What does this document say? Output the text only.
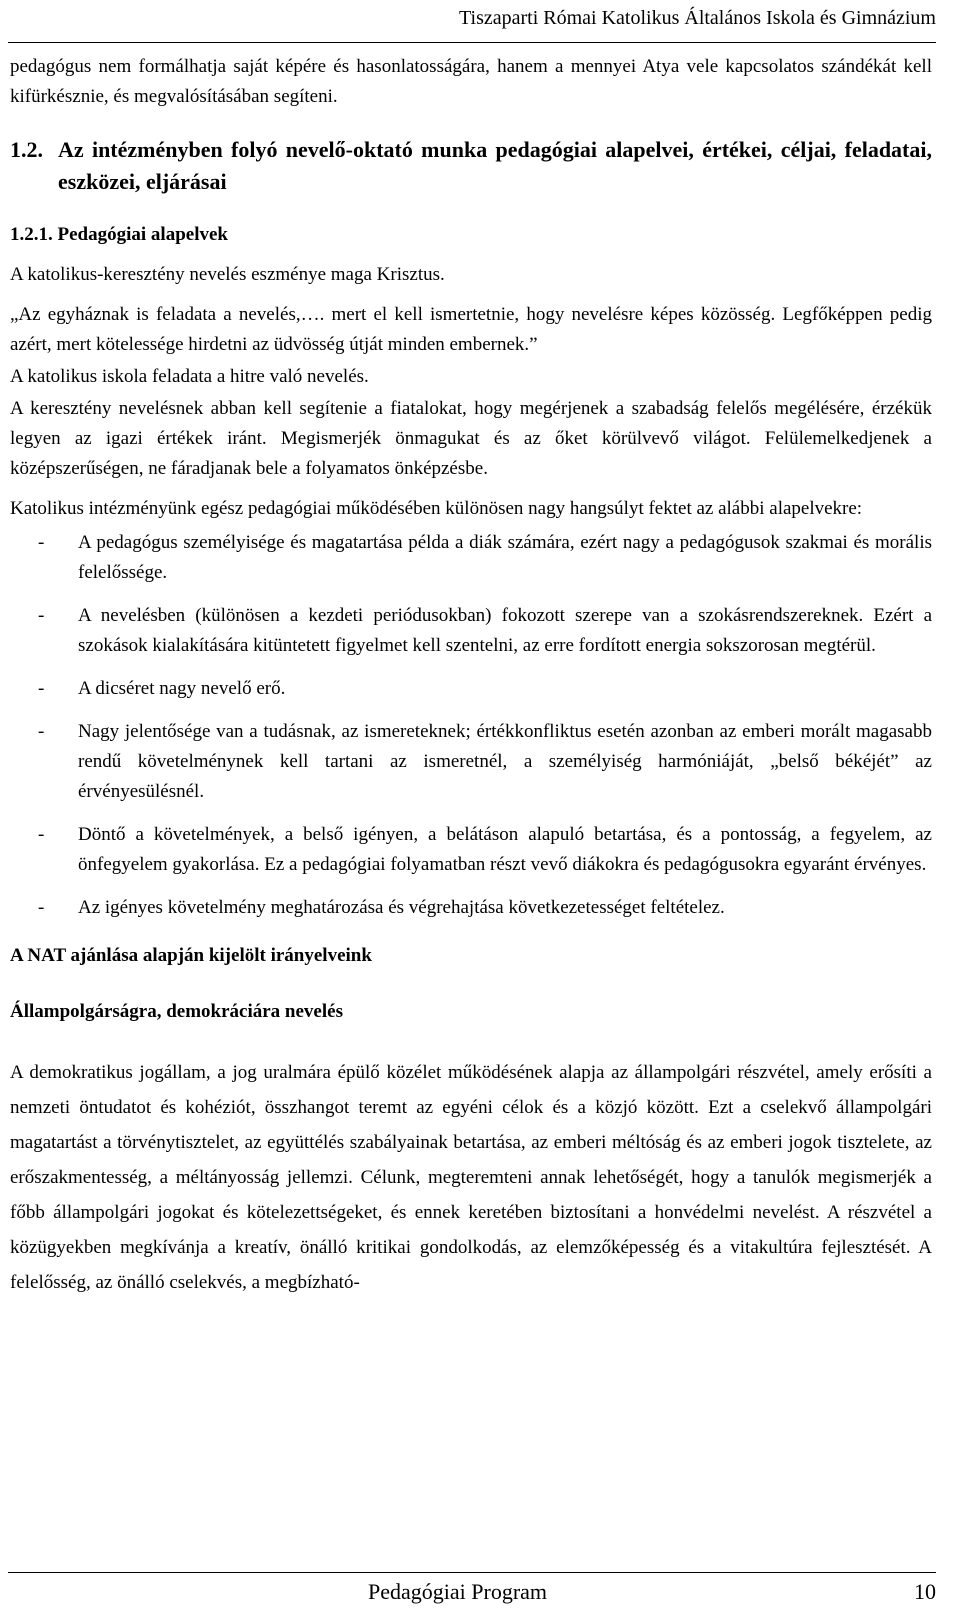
Tiszaparti Római Katolikus Általános Iskola és Gimnázium

pedagógus nem formálhatja saját képére és hasonlatosságára, hanem a mennyei Atya vele kapcsolatos szándékát kell kifürkésznie, és megvalósításában segíteni.

1.2. Az intézményben folyó nevelő-oktató munka pedagógiai alapelvei, értékei, céljai, feladatai, eszközei, eljárásai
1.2.1. Pedagógiai alapelvek

A katolikus-keresztény nevelés eszménye maga Krisztus.

„Az egyháznak is feladata a nevelés,…. mert el kell ismertetnie, hogy nevelésre képes közösség. Legfőképpen pedig azért, mert kötelessége hirdetni az üdvösség útját minden embernek.”

A katolikus iskola feladata a hitre való nevelés.

A keresztény nevelésnek abban kell segítenie a fiatalokat, hogy megérjenek a szabadság felelős megélésére, érzékük legyen az igazi értékek iránt. Megismerjék önmagukat és az őket körülvevő világot. Felülemelkedjenek a középszerűségen, ne fáradjanak bele a folyamatos önképzésbe.

Katolikus intézményünk egész pedagógiai működésében különösen nagy hangsúlyt fektet az alábbi alapelvekre:

-	A pedagógus személyisége és magatartása példa a diák számára, ezért nagy a pedagógusok szakmai és morális felelőssége.
-	A nevelésben (különösen a kezdeti periódusokban) fokozott szerepe van a szokásrendszereknek. Ezért a szokások kialakítására kitüntetett figyelmet kell szentelni, az erre fordított energia sokszorosan megtérül.
-	A dicséret nagy nevelő erő.
-	Nagy jelentősége van a tudásnak, az ismereteknek; értékkonfliktus esetén azonban az emberi morált magasabb rendű követelménynek kell tartani az ismeretnél, a személyiség harmóniáját, „belső békéjét” az érvényesülésnél.
-	Döntő a követelmények, a belső igényen, a belátáson alapuló betartása, és a pontosság, a fegyelem, az önfegyelem gyakorlása. Ez a pedagógiai folyamatban részt vevő diákokra és pedagógusokra egyaránt érvényes.
-	Az igényes követelmény meghatározása és végrehajtása következetességet feltételez.
A NAT ajánlása alapján kijelölt irányelveink
Állampolgárságra, demokráciára nevelés

A demokratikus jogállam, a jog uralmára épülő közélet működésének alapja az állampolgári részvétel, amely erősíti a nemzeti öntudatot és kohéziót, összhangot teremt az egyéni célok és a közjó között. Ezt a cselekvő állampolgári magatartást a törvénytisztelet, az együttélés szabályainak betartása, az emberi méltóság és az emberi jogok tisztelete, az erőszakmentesség, a méltányosság jellemzi. Célunk, megteremteni annak lehetőségét, hogy a tanulók megismerjék a főbb állampolgári jogokat és kötelezettségeket, és ennek keretében biztosítani a honvédelmi nevelést. A részvétel a közügyekben megkívánja a kreatív, önálló kritikai gondolkodás, az elemzőképesség és a vitakultúra fejlesztését. A felelősség, az önálló cselekvés, a megbízható-

Pedagógiai Program	10
